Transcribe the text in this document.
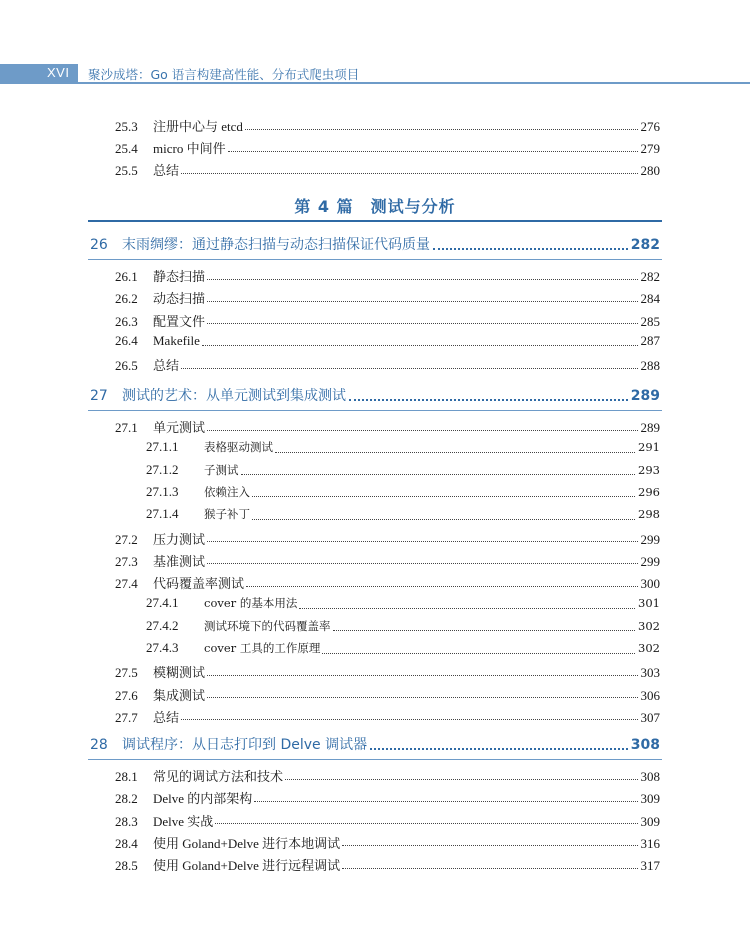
XVI 聚沙成塔：Go 语言构建高性能、分布式爬虫项目
第 4 篇　测试与分析
25.3	注册中心与 etcd	276
25.4	micro 中间件	279
25.5	总结	280
26	末雨绸缪：通过静态扫描与动态扫描保证代码质量	282
26.1	静态扫描	282
26.2	动态扫描	284
26.3	配置文件	285
26.4	Makefile	287
26.5	总结	288
27	测试的艺术：从单元测试到集成测试	289
27.1	单元测试	289
27.1.1	表格驱动测试	291
27.1.2	子测试	293
27.1.3	依赖注入	296
27.1.4	猴子补丁	298
27.2	压力测试	299
27.3	基准测试	299
27.4	代码覆盖率测试	300
27.4.1	cover 的基本用法	301
27.4.2	测试环境下的代码覆盖率	302
27.4.3	cover 工具的工作原理	302
27.5	模糊测试	303
27.6	集成测试	306
27.7	总结	307
28	调试程序：从日志打印到 Delve 调试器	308
28.1	常见的调试方法和技术	308
28.2	Delve 的内部架构	309
28.3	Delve 实战	309
28.4	使用 Goland+Delve 进行本地调试	316
28.5	使用 Goland+Delve 进行远程调试	317
